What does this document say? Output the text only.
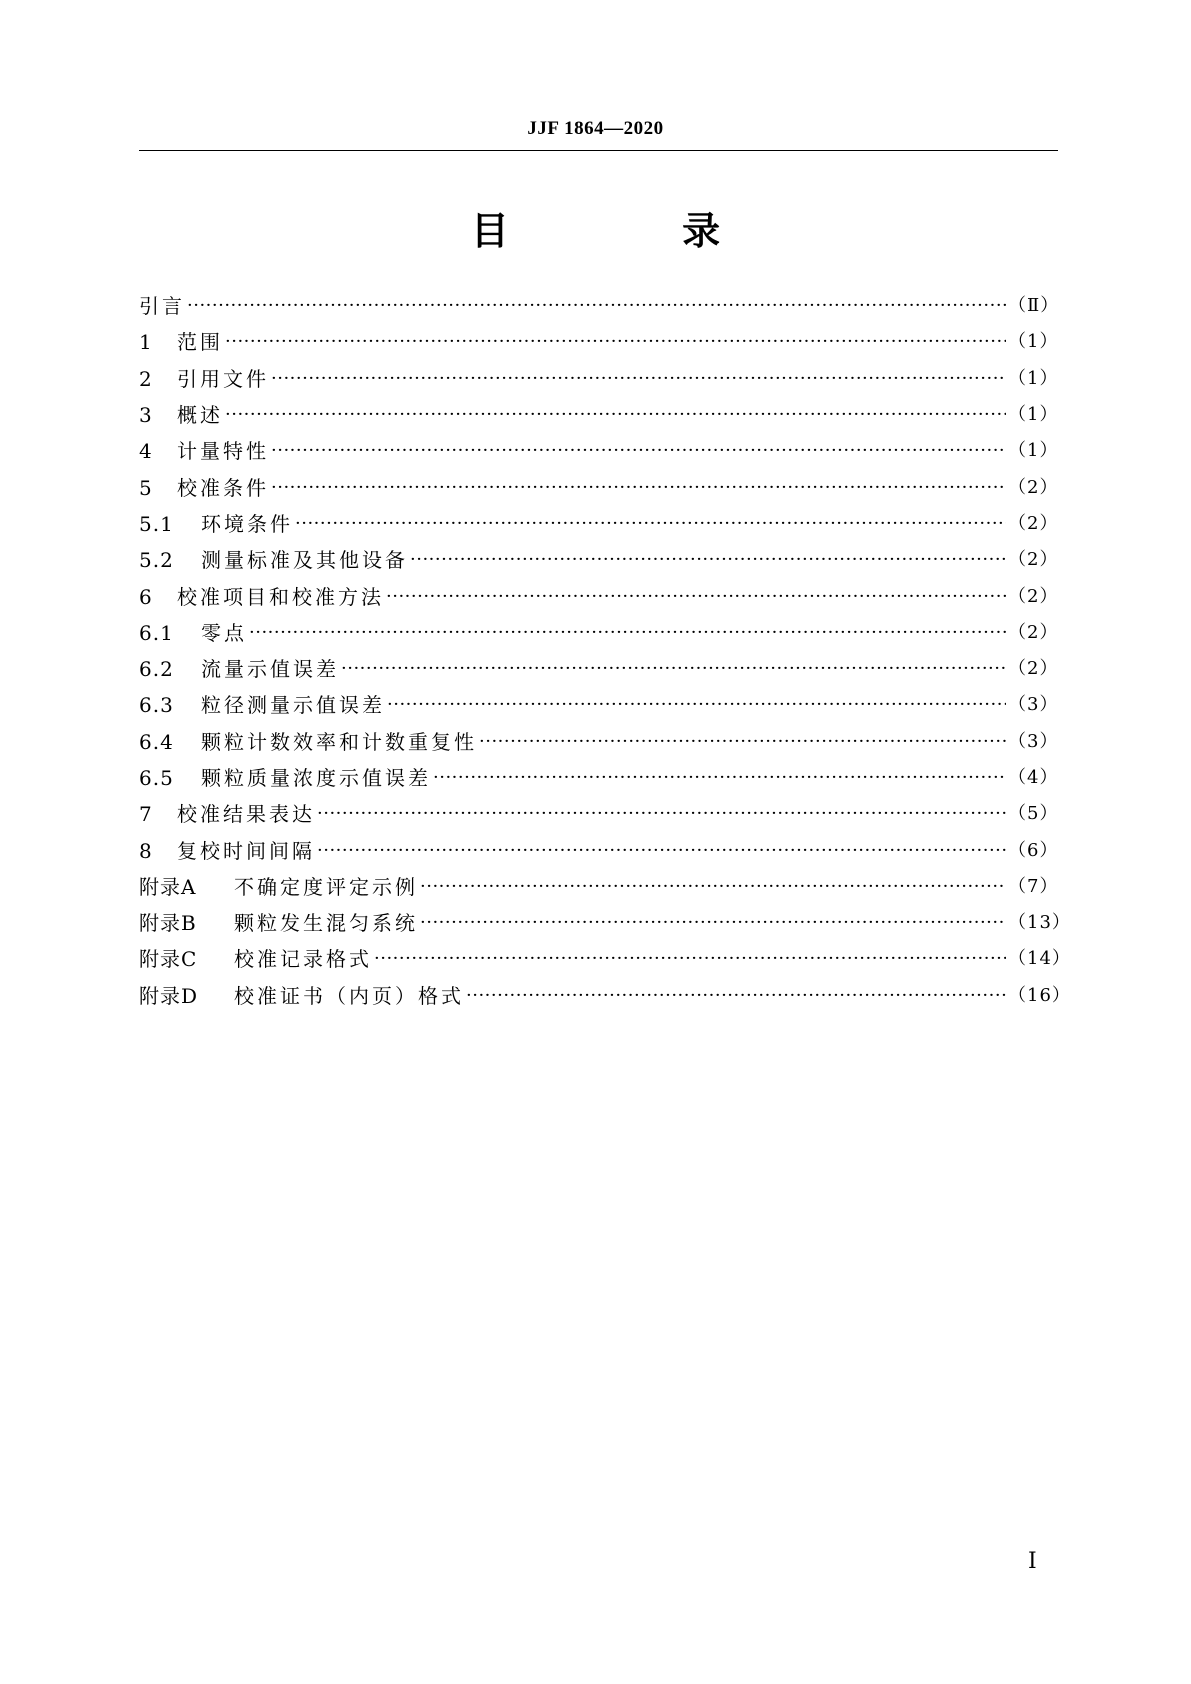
JJF 1864—2020
目 录
引言 ·····	（Ⅱ）
1	范围 ·····	（1）
2	引用文件 ·····	（1）
3	概述 ·····	（1）
4	计量特性 ·····	（1）
5	校准条件 ·····	（2）
5.1	环境条件 ·····	（2）
5.2	测量标准及其他设备 ·····	（2）
6	校准项目和校准方法 ·····	（2）
6.1	零点 ·····	（2）
6.2	流量示值误差 ·····	（2）
6.3	粒径测量示值误差 ·····	（3）
6.4	颗粒计数效率和计数重复性 ·····	（3）
6.5	颗粒质量浓度示值误差 ·····	（4）
7	校准结果表达 ·····	（5）
8	复校时间间隔 ·····	（6）
附录A	不确定度评定示例 ·····	（7）
附录B	颗粒发生混匀系统 ·····	（13）
附录C	校准记录格式 ·····	（14）
附录D	校准证书（内页）格式 ·····	（16）
Ⅰ
